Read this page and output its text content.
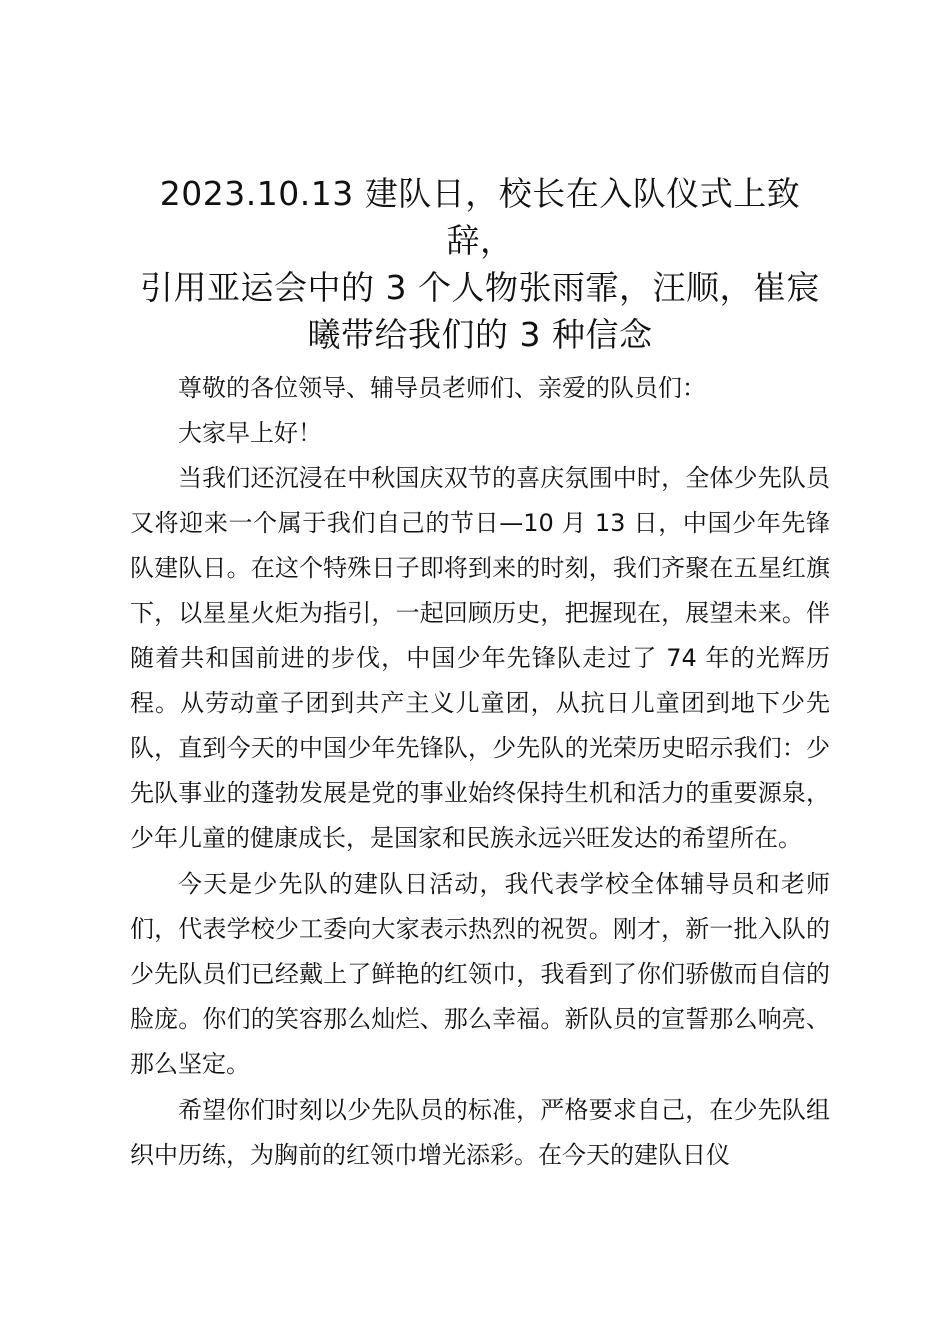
2023.10.13 建队日，校长在入队仪式上致辞，
引用亚运会中的 3 个人物张雨霏，汪顺，崔宸
曦带给我们的 3 种信念

尊敬的各位领导、辅导员老师们、亲爱的队员们：

大家早上好！

当我们还沉浸在中秋国庆双节的喜庆氛围中时，全体少先队员又将迎来一个属于我们自己的节日—10 月 13 日，中国少年先锋队建队日。在这个特殊日子即将到来的时刻，我们齐聚在五星红旗下，以星星火炬为指引，一起回顾历史，把握现在，展望未来。伴随着共和国前进的步伐，中国少年先锋队走过了 74 年的光辉历程。从劳动童子团到共产主义儿童团，从抗日儿童团到地下少先队，直到今天的中国少年先锋队，少先队的光荣历史昭示我们：少先队事业的蓬勃发展是党的事业始终保持生机和活力的重要源泉，少年儿童的健康成长，是国家和民族永远兴旺发达的希望所在。

今天是少先队的建队日活动，我代表学校全体辅导员和老师们，代表学校少工委向大家表示热烈的祝贺。刚才，新一批入队的少先队员们已经戴上了鲜艳的红领巾，我看到了你们骄傲而自信的脸庞。你们的笑容那么灿烂、那么幸福。新队员的宣誓那么响亮、那么坚定。

希望你们时刻以少先队员的标准，严格要求自己，在少先队组织中历练，为胸前的红领巾增光添彩。在今天的建队日仪
